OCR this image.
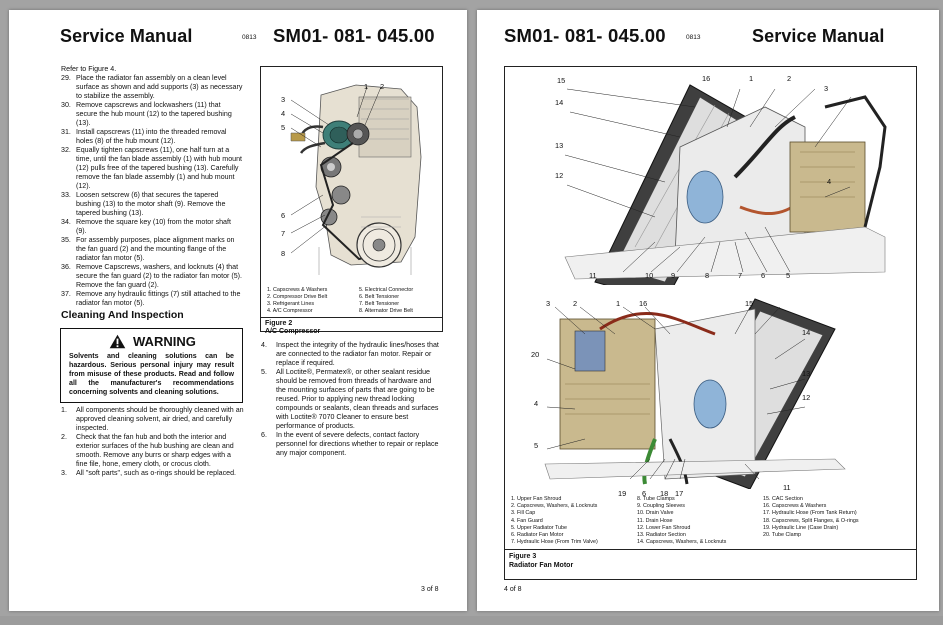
Service Manual	0813 SM01- 081- 045.00
Refer to Figure 4.
29. Place the radiator fan assembly on a clean level surface as shown and add supports (3) as necessary to stabilize the assembly.
30. Remove capscrews and lockwashers (11) that secure the hub mount (12) to the tapered bushing (13).
31. Install capscrews (11) into the threaded removal holes (8) of the hub mount (12).
32. Equally tighten capscrews (11), one half turn at a time, until the fan blade assembly (1) with hub mount (12) pulls free of the tapered bushing (13). Carefully remove the fan blade assembly (1) and hub mount (12).
33. Loosen setscrew (6) that secures the tapered bushing (13) to the motor shaft (9). Remove the tapered bushing (13).
34. Remove the square key (10) from the motor shaft (9).
35. For assembly purposes, place alignment marks on the fan guard (2) and the mounting flange of the radiator fan motor (5).
36. Remove Capscrews, washers, and locknuts (4) that secure the fan guard (2) to the radiator fan motor (5). Remove the fan guard (2).
37. Remove any hydraulic fittings (7) still attached to the radiator fan motor (5).
Cleaning And Inspection
WARNING
Solvents and cleaning solutions can be hazardous. Serious personal injury may result from misuse of these products. Read and follow all the manufacturer's recommendations concerning solvents and cleaning solutions.
1. All components should be thoroughly cleaned with an approved cleaning solvent, air dried, and carefully inspected.
2. Check that the fan hub and both the interior and exterior surfaces of the hub bushing are clean and smooth. Remove any burrs or sharp edges with a fine file, hone, emery cloth, or crocus cloth.
3. All "soft parts", such as o-rings should be replaced.
1 2
3
4
5
6
7
8
1. Capscrews & Washers
2. Compressor Drive Belt
3. Refrigerant Lines
4. A/C Compressor
5. Electrical Connector
6. Belt Tensioner
7. Belt Tensioner
8. Alternator Drive Belt
Figure 2
A/C Compressor
4. Inspect the integrity of the hydraulic lines/hoses that are connected to the radiator fan motor. Repair or replace if required.
5. All Loctite®, Permatex®, or other sealant residue should be removed from threads of hardware and the mounting surfaces of parts that are going to be reused. Prior to applying new thread locking compounds or sealants, clean threads and surfaces with Loctite® 7070 Cleaner to ensure best performance of products.
6. In the event of severe defects, contact factory personnel for directions whether to repair or replace any major component.
3 of 8
SM01- 081- 045.00	0813	Service Manual
15	16	1	2
3
14
4
13
12
11	10 9	8	7	6	5
3	2	1	16	15
20
14
13
4
12
5
11
19 6 18 17
1. Upper Fan Shroud	8. Tube Clamps	15. CAC Section
2. Capscrews, Washers, & Locknuts	9. Coupling Sleeves	16. Capscrews & Washers
3. Fill Cap	10. Drain Valve	17. Hydraulic Hose (From Tank Return)
4. Fan Guard	11. Drain Hose	18. Capscrews, Split Flanges, & O-rings
5. Upper Radiator Tube	12. Lower Fan Shroud	19. Hydraulic Line (Case Drain)
6. Radiator Fan Motor	13. Radiator Section	20. Tube Clamp
7. Hydraulic Hose (From Trim Valve)	14. Capscrews, Washers, & Locknuts
Figure 3
Radiator Fan Motor
4 of 8
